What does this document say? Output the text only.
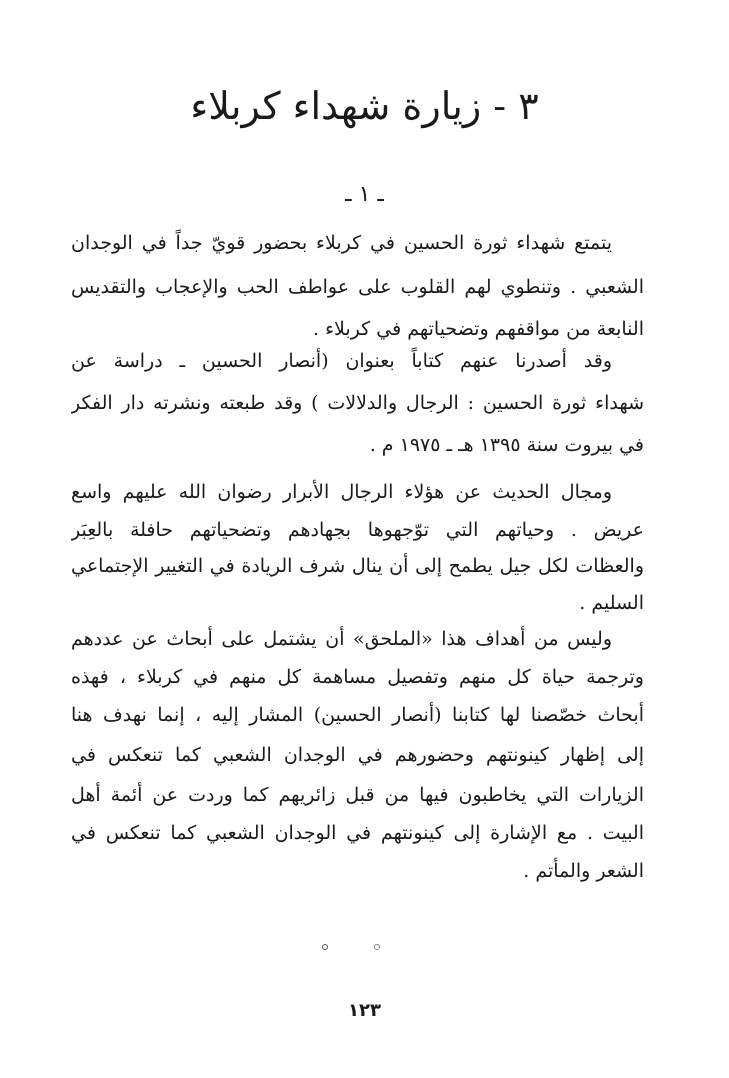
٣ - زيارة شهداء كربلاء
ـ ١ ـ
يتمتع شهداء ثورة الحسين في كربلاء بحضور قويّ جداً في الوجدان
الشعبي . وتنطوي لهم القلوب على عواطف الحب والإعجاب والتقديس
النابعة من مواقفهم وتضحياتهم في كربلاء .
وقد أصدرنا عنهم كتاباً بعنوان (أنصار الحسين ـ دراسة عن
شهداء ثورة الحسين : الرجال والدلالات ) وقد طبعته ونشرته دار الفكر
في بيروت سنة ١٣٩٥ هـ ـ ١٩٧٥ م .
ومجال الحديث عن هؤلاء الرجال الأبرار رضوان الله عليهم واسع
عريض . وحياتهم التي توّجهوها بجهادهم وتضحياتهم حافلة بالعِبَر
والعظات لكل جيل يطمح إلى أن ينال شرف الريادة في التغيير الإجتماعي
السليم .
وليس من أهداف هذا «الملحق» أن يشتمل على أبحاث عن عددهم
وترجمة حياة كل منهم وتفصيل مساهمة كل منهم في كربلاء ، فهذه
أبحاث خصّصنا لها كتابنا (أنصار الحسين) المشار إليه ، إنما نهدف هنا
إلى إظهار كينونتهم وحضورهم في الوجدان الشعبي كما تنعكس في
الزيارات التي يخاطبون فيها من قبل زائريهم كما وردت عن أئمة أهل
البيت . مع الإشارة إلى كينونتهم في الوجدان الشعبي كما تنعكس في
الشعر والمأتم .
١٢٣
